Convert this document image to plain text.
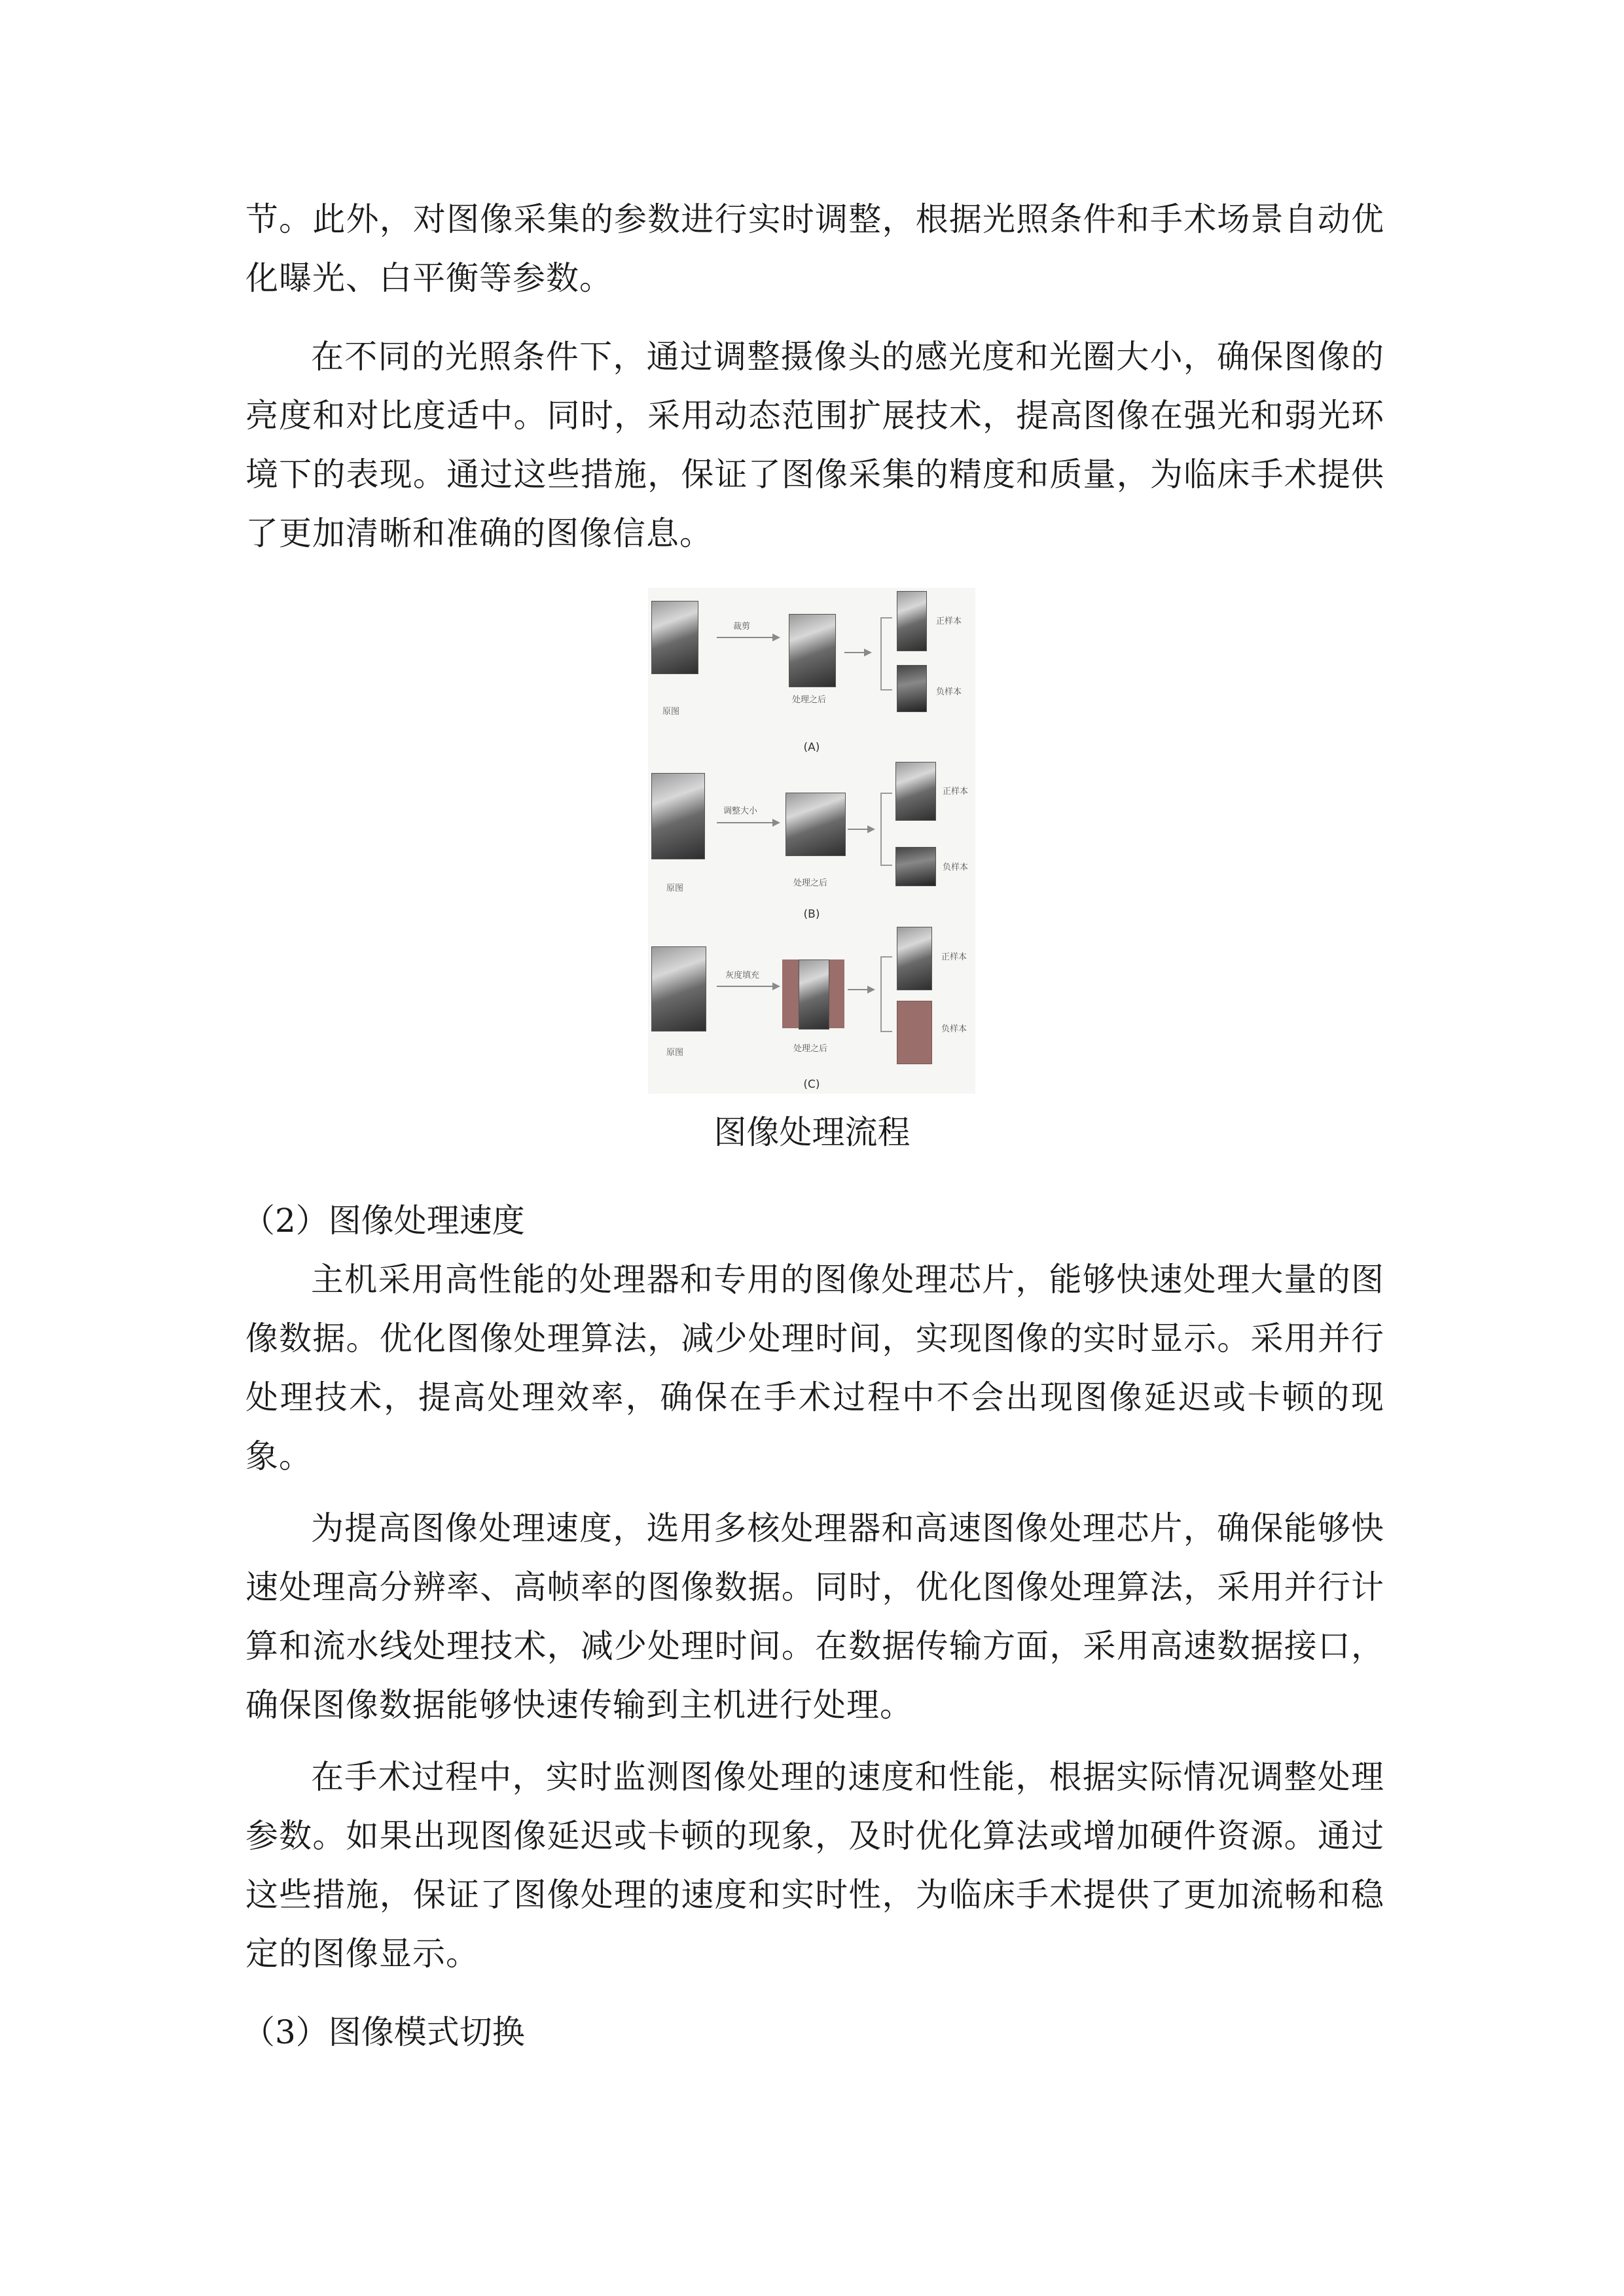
节。此外，对图像采集的参数进行实时调整，根据光照条件和手术场景自动优化曝光、白平衡等参数。

在不同的光照条件下，通过调整摄像头的感光度和光圈大小，确保图像的亮度和对比度适中。同时，采用动态范围扩展技术，提高图像在强光和弱光环境下的表现。通过这些措施，保证了图像采集的精度和质量，为临床手术提供了更加清晰和准确的图像信息。

原图
裁剪
处理之后
正样本
负样本
(A)
原图
调整大小
处理之后
正样本
负样本
(B)
原图
灰度填充
处理之后
正样本
负样本
(C)
图像处理流程
（2）图像处理速度

主机采用高性能的处理器和专用的图像处理芯片，能够快速处理大量的图像数据。优化图像处理算法，减少处理时间，实现图像的实时显示。采用并行处理技术，提高处理效率，确保在手术过程中不会出现图像延迟或卡顿的现象。

为提高图像处理速度，选用多核处理器和高速图像处理芯片，确保能够快速处理高分辨率、高帧率的图像数据。同时，优化图像处理算法，采用并行计算和流水线处理技术，减少处理时间。在数据传输方面，采用高速数据接口，确保图像数据能够快速传输到主机进行处理。

在手术过程中，实时监测图像处理的速度和性能，根据实际情况调整处理参数。如果出现图像延迟或卡顿的现象，及时优化算法或增加硬件资源。通过这些措施，保证了图像处理的速度和实时性，为临床手术提供了更加流畅和稳定的图像显示。

（3）图像模式切换
